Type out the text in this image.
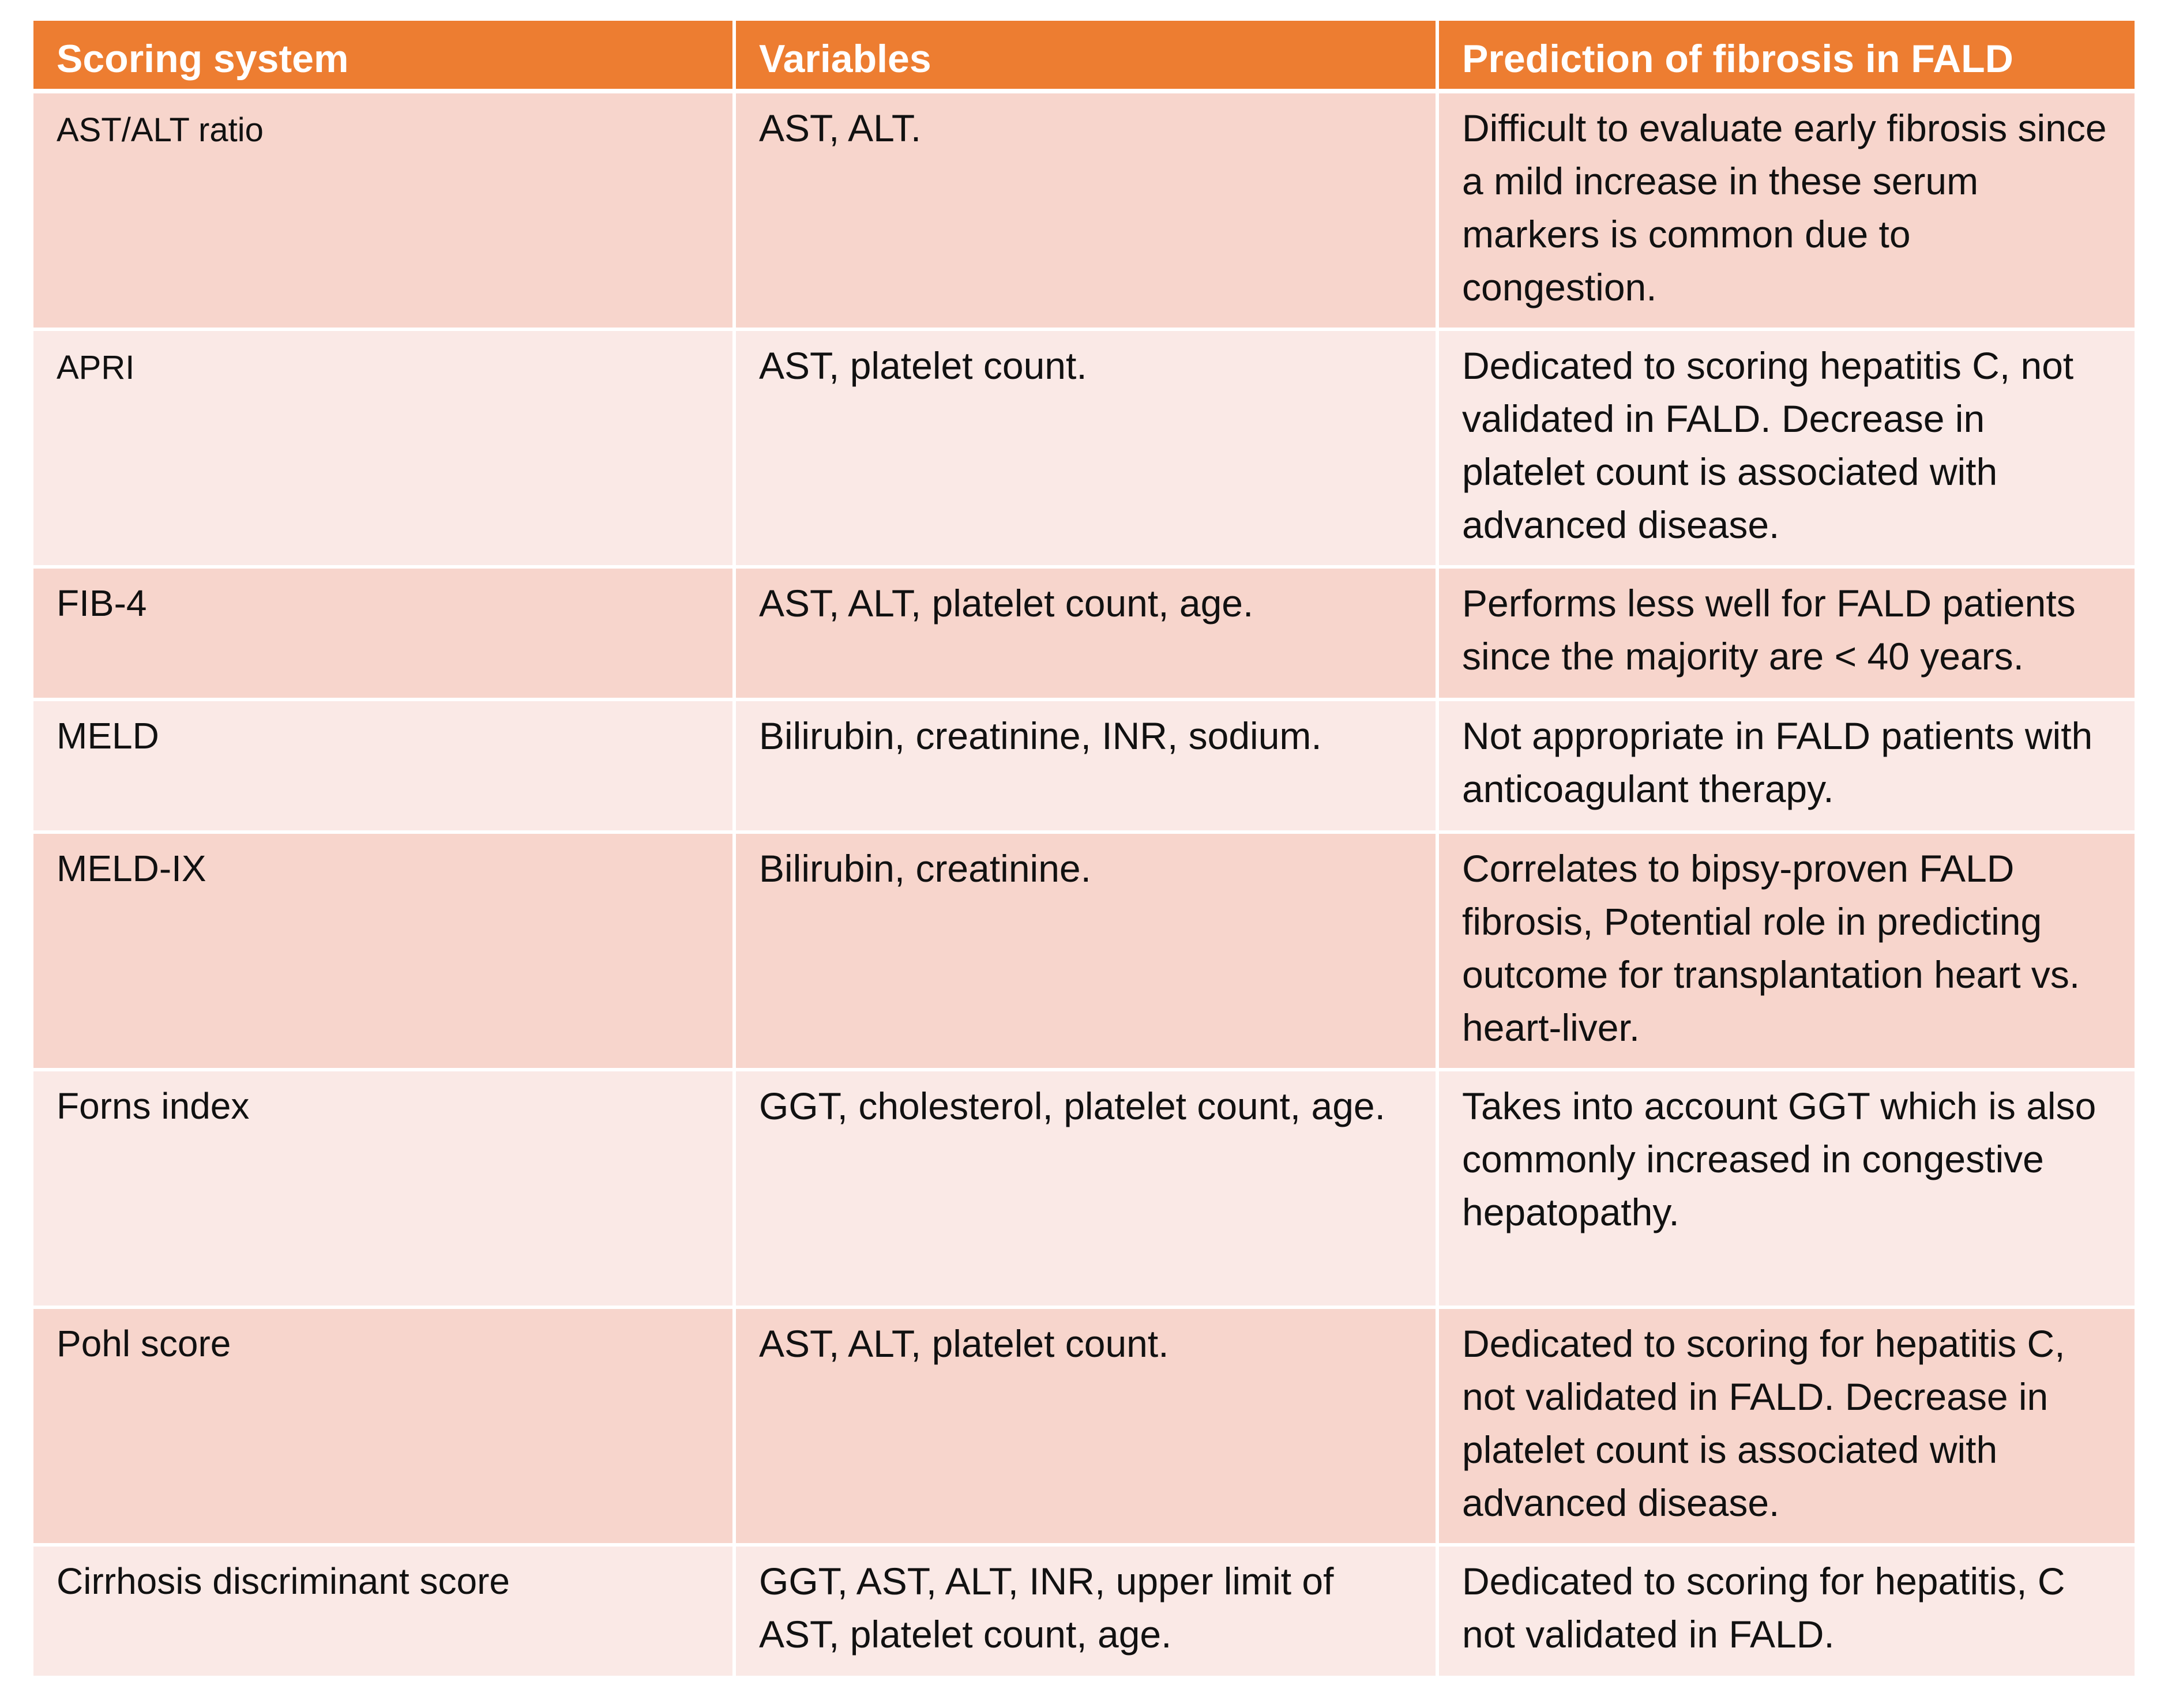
Scoring system	Variables	Prediction of fibrosis in FALD
AST/ALT ratio	AST, ALT.	Difficult to evaluate early fibrosis since a mild increase in these serum markers is common due to congestion.
APRI	AST, platelet count.	Dedicated to scoring hepatitis C, not validated in FALD. Decrease in platelet count is associated with advanced disease.
FIB-4	AST, ALT, platelet count, age.	Performs less well for FALD patients since the majority are < 40 years.
MELD	Bilirubin, creatinine, INR, sodium.	Not appropriate in FALD patients with anticoagulant therapy.
MELD-IX	Bilirubin, creatinine.	Correlates to bipsy-proven FALD fibrosis, Potential role in predicting outcome for transplantation heart vs. heart-liver.
Forns index	GGT, cholesterol, platelet count, age.	Takes into account GGT which is also commonly increased in congestive hepatopathy.
Pohl score	AST, ALT, platelet count.	Dedicated to scoring for hepatitis C, not validated in FALD. Decrease in platelet count is associated with advanced disease.
Cirrhosis discriminant score	GGT, AST, ALT, INR, upper limit of AST, platelet count, age.	Dedicated to scoring for hepatitis, C not validated in FALD.
